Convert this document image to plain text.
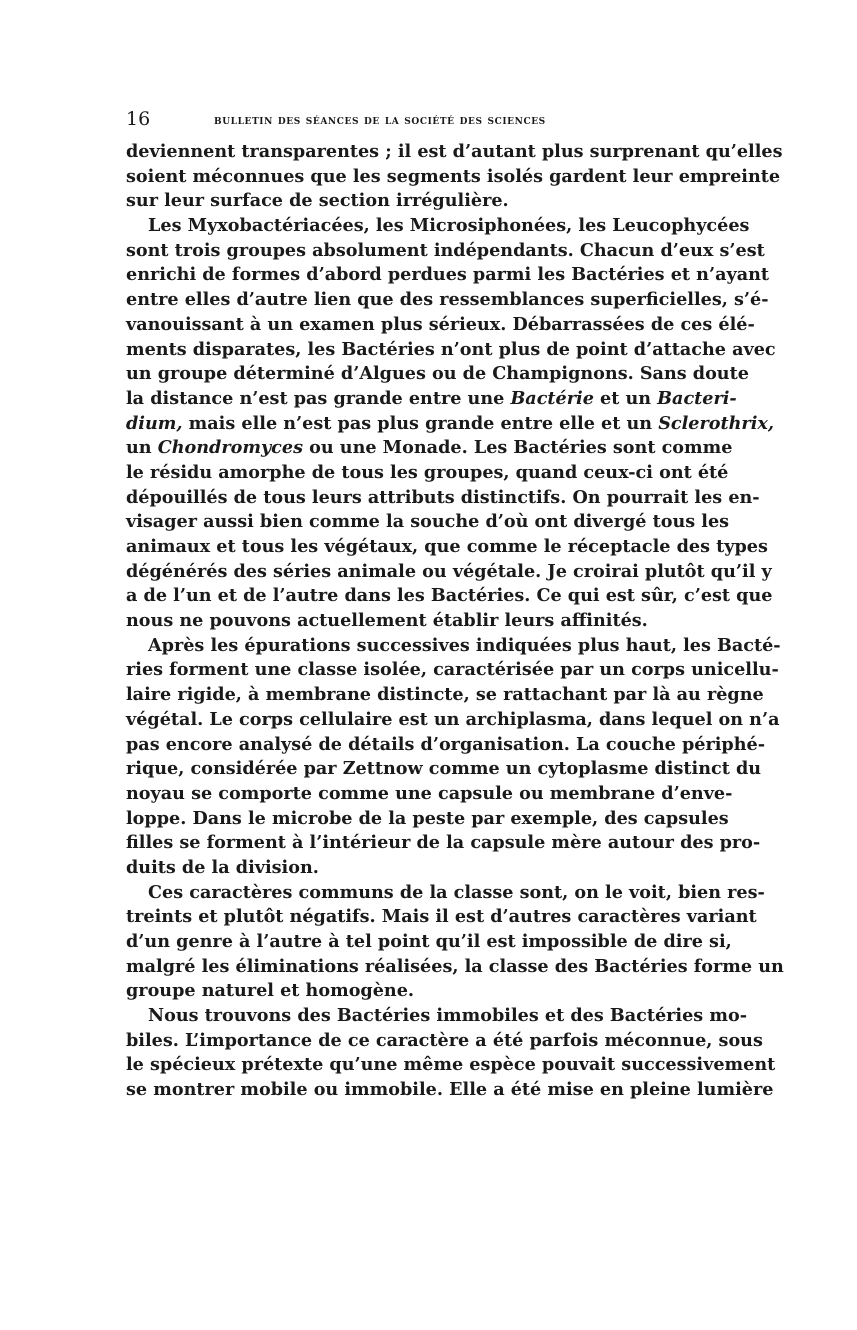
16	bulletin des séances de la société des sciences
deviennent transparentes ; il est d’autant plus surprenant qu’elles
soient méconnues que les segments isolés gardent leur empreinte
sur leur surface de section irrégulière.
Les Myxobactériacées, les Microsiphonées, les Leucophycées
sont trois groupes absolument indépendants. Chacun d’eux s’est
enrichi de formes d’abord perdues parmi les Bactéries et n’ayant
entre elles d’autre lien que des ressemblances superficielles, s’é-
vanouissant à un examen plus sérieux. Débarrassées de ces élé-
ments disparates, les Bactéries n’ont plus de point d’attache avec
un groupe déterminé d’Algues ou de Champignons. Sans doute
la distance n’est pas grande entre une Bactérie et un Bacteri-
dium, mais elle n’est pas plus grande entre elle et un Sclerothrix,
un Chondromyces ou une Monade. Les Bactéries sont comme
le résidu amorphe de tous les groupes, quand ceux-ci ont été
dépouillés de tous leurs attributs distinctifs. On pourrait les en-
visager aussi bien comme la souche d’où ont divergé tous les
animaux et tous les végétaux, que comme le réceptacle des types
dégénérés des séries animale ou végétale. Je croirai plutôt qu’il y
a de l’un et de l’autre dans les Bactéries. Ce qui est sûr, c’est que
nous ne pouvons actuellement établir leurs affinités.
Après les épurations successives indiquées plus haut, les Bacté-
ries forment une classe isolée, caractérisée par un corps unicellu-
laire rigide, à membrane distincte, se rattachant par là au règne
végétal. Le corps cellulaire est un archiplasma, dans lequel on n’a
pas encore analysé de détails d’organisation. La couche périphé-
rique, considérée par Zettnow comme un cytoplasme distinct du
noyau se comporte comme une capsule ou membrane d’enve-
loppe. Dans le microbe de la peste par exemple, des capsules
filles se forment à l’intérieur de la capsule mère autour des pro-
duits de la division.
Ces caractères communs de la classe sont, on le voit, bien res-
treints et plutôt négatifs. Mais il est d’autres caractères variant
d’un genre à l’autre à tel point qu’il est impossible de dire si,
malgré les éliminations réalisées, la classe des Bactéries forme un
groupe naturel et homogène.
Nous trouvons des Bactéries immobiles et des Bactéries mo-
biles. L’importance de ce caractère a été parfois méconnue, sous
le spécieux prétexte qu’une même espèce pouvait successivement
se montrer mobile ou immobile. Elle a été mise en pleine lumière
